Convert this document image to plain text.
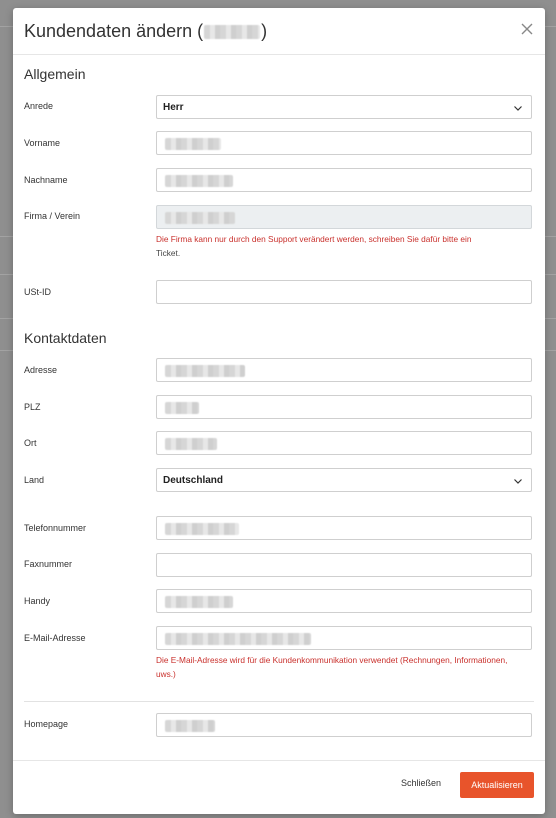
Kundendaten ändern (	)
Allgemein
Anrede	Herr
Vorname
Nachname
Firma / Verein
Die Firma kann nur durch den Support verändert werden, schreiben Sie dafür bitte ein
Ticket.
USt-ID
Kontaktdaten
Adresse
PLZ
Ort
Land	Deutschland
Telefonnummer
Faxnummer
Handy
E-Mail-Adresse
Die E-Mail-Adresse wird für die Kundenkommunikation verwendet (Rechnungen, Informationen, uws.)
Homepage
Schließen	Aktualisieren
